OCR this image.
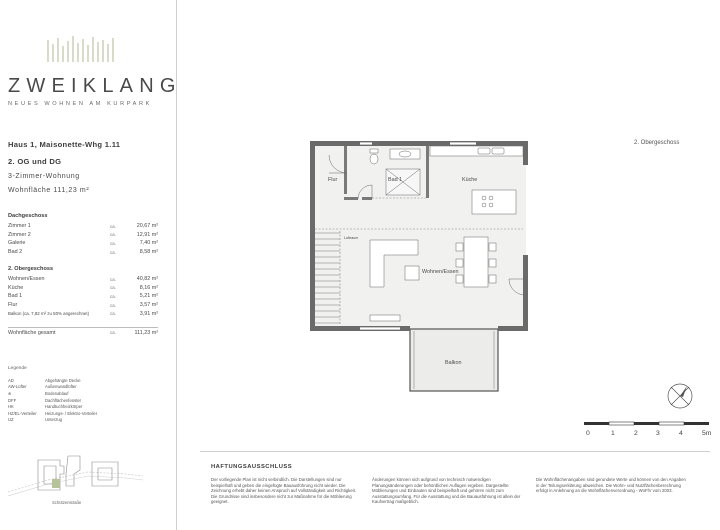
ZWEIKLANG
NEUES WOHNEN AM KURPARK
Haus 1, Maisonette-Whg 1.11
2. OG und DG
3-Zimmer-Wohnung
Wohnfläche 111,23 m²
Dachgeschoss
Zimmer 1	ca.	20,67 m²
Zimmer 2	ca.	12,91 m²
Galerie	ca.	7,40 m²
Bad 2	ca.	8,58 m²
2. Obergeschoss
Wohnen/Essen	ca.	40,82 m²
Küche	ca.	8,16 m²
Bad 1	ca.	5,21 m²
Flur	ca.	3,57 m²
Balkon (ca. 7,82 m² zu 50% angerechnet)	ca.	3,91 m²
Wohnfläche gesamt	ca.	111,23 m²
Legende
AD	Abgehängte Decke
AW-Lüfter	Außenwandlüfter
⊕	Bodenablauf
DFF	Dachflächenfenster
HK	Handtuchheizkörper
HZ/EL-Verteiler	Heizungs- / Elektro-Verteiler
UZ	Unterzug
Schützenstraße
2. Obergeschoss
Flur	Bad 1	Küche
Wohnen/Essen
Balkon
Luftraum
0	1	2	3	4	5m
HAFTUNGSAUSSCHLUSS
Der vorliegende Plan ist nicht verbindlich. Die Darstellungen sind nur beispielhaft und geben die eingefügte Bauausführung nicht wieder. Die Zeichnung erhebt daher keinen Anspruch auf Vollständigkeit und Richtigkeit. Die Grundrisse sind insbesondere nicht zur Maßnahme für die Möblierung geeignet.
Änderungen können sich aufgrund von technisch notwendigen Planungsänderungen oder behördlichen Auflagen ergeben. Dargestellte Möblierungen und Einbauten sind beispielhaft und gehören nicht zum Ausstattungsumfang. Für die Ausstattung und die Bauausführung ist allein der Kaufvertrag maßgeblich.
Die Wohnflächenangaben sind gerundete Werte und können von den Angaben in der Teilungserklärung abweichen. Die Wohn- und Nutzflächenberechnung erfolgt in Anlehnung an die Wohnflächenverordnung - WoFlV vom 2003.
